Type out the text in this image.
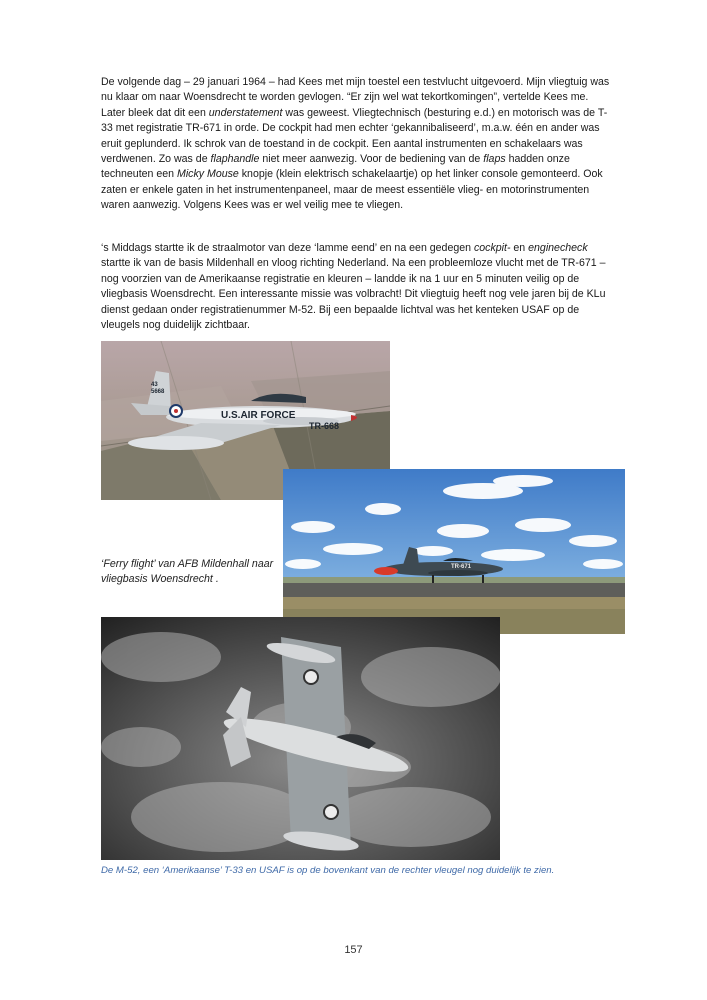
De volgende dag – 29 januari 1964 – had Kees met mijn toestel een testvlucht uitgevoerd. Mijn vliegtuig was nu klaar om naar Woensdrecht te worden gevlogen. “Er zijn wel wat tekortkomingen”, vertelde Kees me. Later bleek dat dit een understatement was geweest. Vliegtechnisch (besturing e.d.) en motorisch was de T-33 met registratie TR-671 in orde. De cockpit had men echter ‘gekannibaliseerd’, m.a.w. één en ander was eruit geplunderd. Ik schrok van de toestand in de cockpit. Een aantal instrumenten en schakelaars was verdwenen. Zo was de flaphandle niet meer aanwezig. Voor de bediening van de flaps hadden onze techneuten een Micky Mouse knopje (klein elektrisch schakelaartje) op het linker console gemonteerd. Ook zaten er enkele gaten in het instrumentenpaneel, maar de meest essentiële vlieg- en motorinstrumenten waren aanwezig. Volgens Kees was er wel veilig mee te vliegen.

‘s Middags startte ik de straalmotor van deze ‘lamme eend’ en na een gedegen cockpit- en enginecheck startte ik van de basis Mildenhall en vloog richting Nederland. Na een probleemloze vlucht met de TR-671 – nog voorzien van de Amerikaanse registratie en kleuren – landde ik na 1 uur en 5 minuten veilig op de vliegbasis Woensdrecht. Een interessante missie was volbracht! Dit vliegtuig heeft nog vele jaren bij de KLu dienst gedaan onder registratienummer M-52. Bij een bepaalde lichtval was het kenteken USAF op de vleugels nog duidelijk zichtbaar.

U.S.AIR FORCE
TR-668
43
5668
TR-671
‘Ferry flight’ van AFB Mildenhall naar vliegbasis Woensdrecht .
De M-52, een ‘Amerikaanse’ T-33 en USAF is op de bovenkant van de rechter vleugel nog duidelijk te zien.
157
